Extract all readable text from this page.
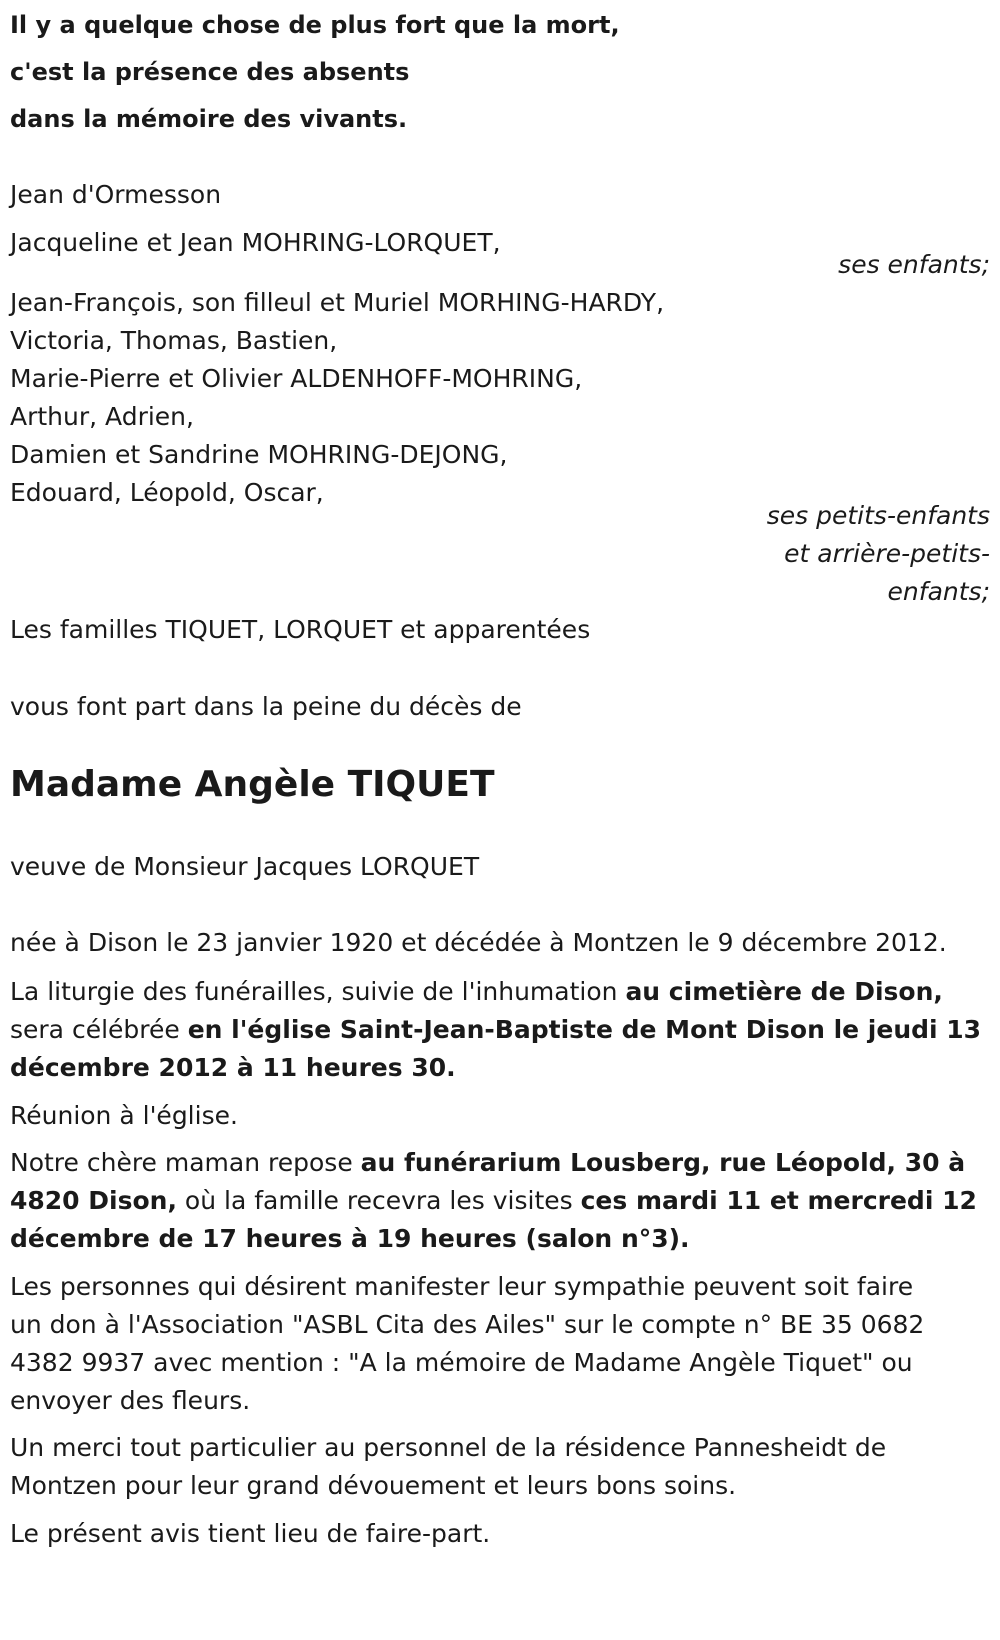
Il y a quelque chose de plus fort que la mort,
c'est la présence des absents
dans la mémoire des vivants.
Jean d'Ormesson
Jacqueline et Jean MOHRING-LORQUET,
ses enfants;
Jean-François, son filleul et Muriel MORHING-HARDY,
Victoria, Thomas, Bastien,
Marie-Pierre et Olivier ALDENHOFF-MOHRING,
Arthur, Adrien,
Damien et Sandrine MOHRING-DEJONG,
Edouard, Léopold, Oscar,
ses petits-enfants
et arrière-petits-
enfants;
Les familles TIQUET, LORQUET et apparentées
vous font part dans la peine du décès de
Madame Angèle TIQUET
veuve de Monsieur Jacques LORQUET
née à Dison le 23 janvier 1920 et décédée à Montzen le 9 décembre 2012.
La liturgie des funérailles, suivie de l'inhumation au cimetière de Dison,
sera célébrée en l'église Saint-Jean-Baptiste de Mont Dison le jeudi 13
décembre 2012 à 11 heures 30.
Réunion à l'église.
Notre chère maman repose au funérarium Lousberg, rue Léopold, 30 à
4820 Dison, où la famille recevra les visites ces mardi 11 et mercredi 12
décembre de 17 heures à 19 heures (salon n°3).
Les personnes qui désirent manifester leur sympathie peuvent soit faire
un don à l'Association "ASBL Cita des Ailes" sur le compte n° BE 35 0682
4382 9937 avec mention : "A la mémoire de Madame Angèle Tiquet" ou
envoyer des fleurs.
Un merci tout particulier au personnel de la résidence Pannesheidt de
Montzen pour leur grand dévouement et leurs bons soins.
Le présent avis tient lieu de faire-part.
